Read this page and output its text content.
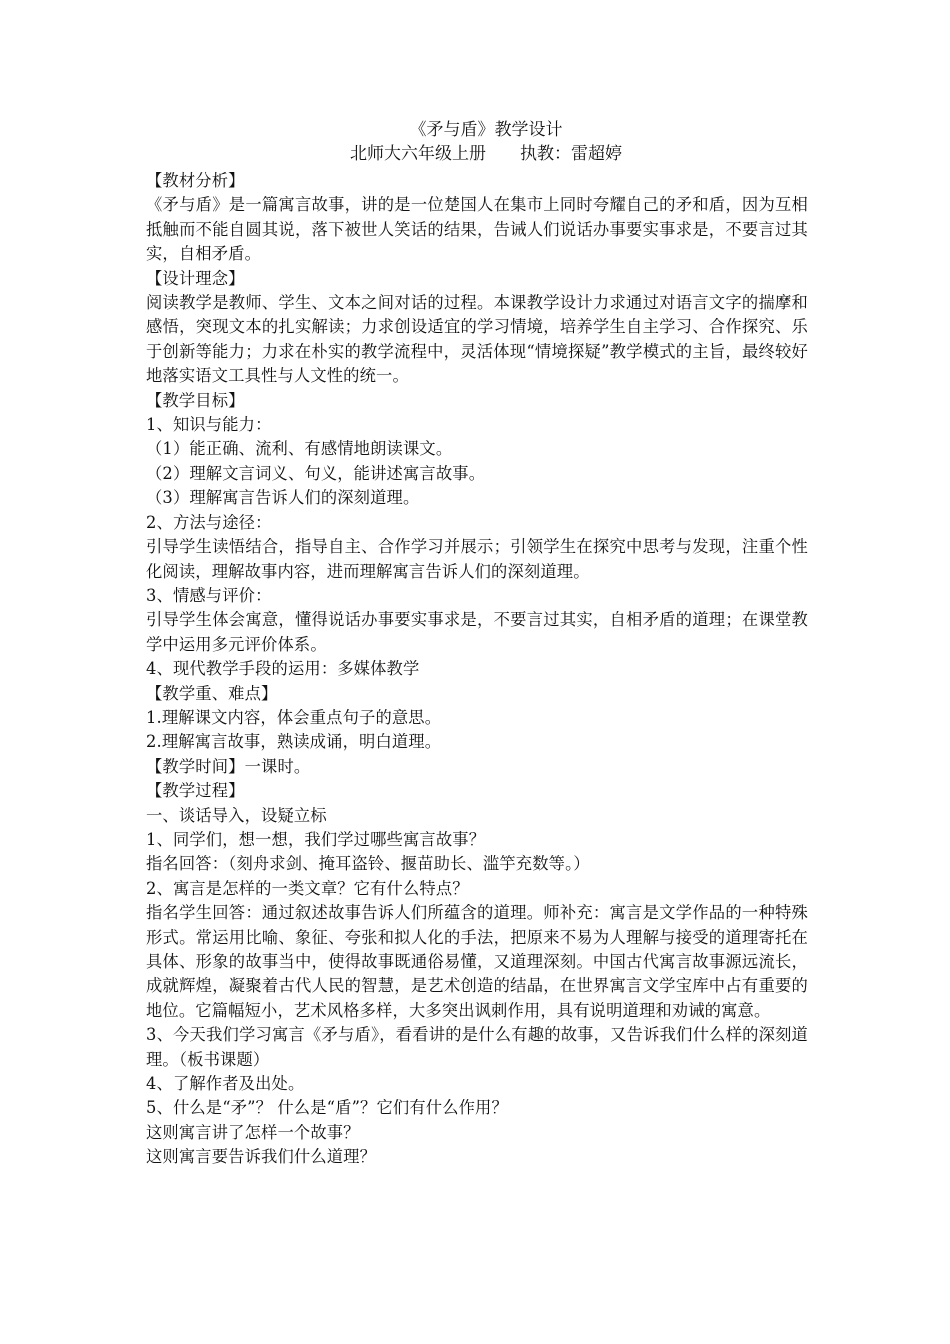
《矛与盾》教学设计
北师大六年级上册 执教：雷超婷

【教材分析】

《矛与盾》是一篇寓言故事，讲的是一位楚国人在集市上同时夸耀自己的矛和盾，因为互相抵触而不能自圆其说，落下被世人笑话的结果，告诫人们说话办事要实事求是，不要言过其实，自相矛盾。

【设计理念】

阅读教学是教师、学生、文本之间对话的过程。本课教学设计力求通过对语言文字的揣摩和感悟，突现文本的扎实解读；力求创设适宜的学习情境，培养学生自主学习、合作探究、乐于创新等能力；力求在朴实的教学流程中，灵活体现“情境探疑”教学模式的主旨，最终较好地落实语文工具性与人文性的统一。

【教学目标】

1、知识与能力：

（1）能正确、流利、有感情地朗读课文。

（2）理解文言词义、句义，能讲述寓言故事。

（3）理解寓言告诉人们的深刻道理。

2、方法与途径：

引导学生读悟结合，指导自主、合作学习并展示；引领学生在探究中思考与发现，注重个性化阅读，理解故事内容，进而理解寓言告诉人们的深刻道理。

3、情感与评价：

引导学生体会寓意，懂得说话办事要实事求是，不要言过其实，自相矛盾的道理；在课堂教学中运用多元评价体系。

4、现代教学手段的运用：多媒体教学

【教学重、难点】

1.理解课文内容，体会重点句子的意思。

2.理解寓言故事，熟读成诵，明白道理。

【教学时间】一课时。

【教学过程】

一、谈话导入，设疑立标

1、同学们，想一想，我们学过哪些寓言故事？

指名回答：（刻舟求剑、掩耳盗铃、揠苗助长、滥竽充数等。）

2、寓言是怎样的一类文章？它有什么特点？

指名学生回答：通过叙述故事告诉人们所蕴含的道理。师补充：寓言是文学作品的一种特殊形式。常运用比喻、象征、夸张和拟人化的手法，把原来不易为人理解与接受的道理寄托在具体、形象的故事当中，使得故事既通俗易懂，又道理深刻。中国古代寓言故事源远流长，成就辉煌，凝聚着古代人民的智慧，是艺术创造的结晶，在世界寓言文学宝库中占有重要的地位。它篇幅短小，艺术风格多样，大多突出讽刺作用，具有说明道理和劝诫的寓意。

3、今天我们学习寓言《矛与盾》，看看讲的是什么有趣的故事，又告诉我们什么样的深刻道理。（板书课题）

4、了解作者及出处。

5、什么是“矛”？ 什么是“盾”？它们有什么作用？

这则寓言讲了怎样一个故事？

这则寓言要告诉我们什么道理？
